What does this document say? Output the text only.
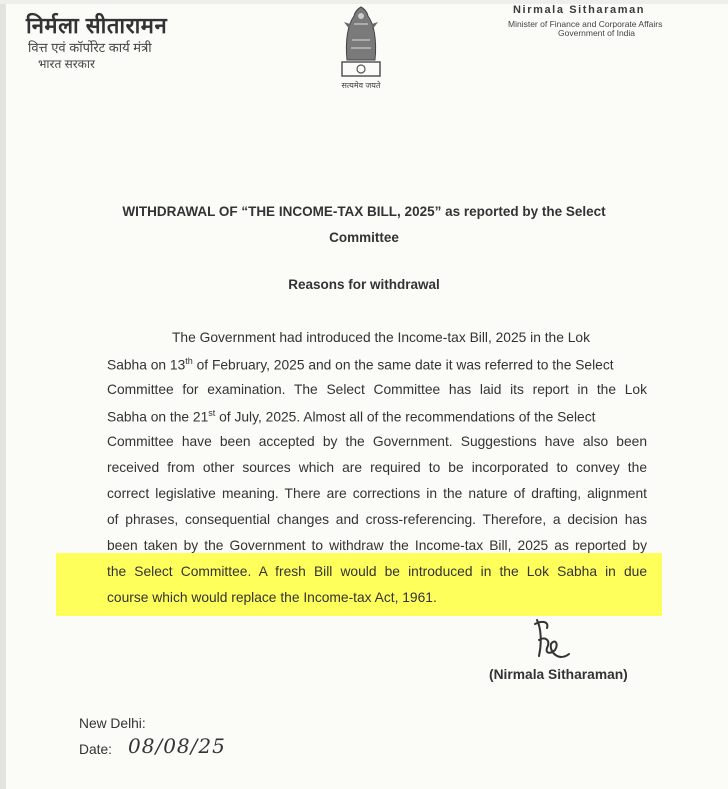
निर्मला सीतारामन
वित्त एवं कॉर्पोरेट कार्य मंत्री
भारत सरकार
सत्यमेव जयते
Nirmala Sitharaman
Minister of Finance and Corporate Affairs
Government of India
WITHDRAWAL OF “THE INCOME-TAX BILL, 2025” as reported by the Select
Committee
Reasons for withdrawal
The Government had introduced the Income-tax Bill, 2025 in the Lok
Sabha on 13th of February, 2025 and on the same date it was referred to the Select
Committee for examination. The Select Committee has laid its report in the Lok
Sabha on the 21st of July, 2025. Almost all of the recommendations of the Select
Committee have been accepted by the Government. Suggestions have also been
received from other sources which are required to be incorporated to convey the
correct legislative meaning. There are corrections in the nature of drafting, alignment
of phrases, consequential changes and cross-referencing. Therefore, a decision has
been taken by the Government to withdraw the Income-tax Bill, 2025 as reported by
the Select Committee. A fresh Bill would be introduced in the Lok Sabha in due
course which would replace the Income-tax Act, 1961.
(Nirmala Sitharaman)
New Delhi:
Date: 08/08/25
